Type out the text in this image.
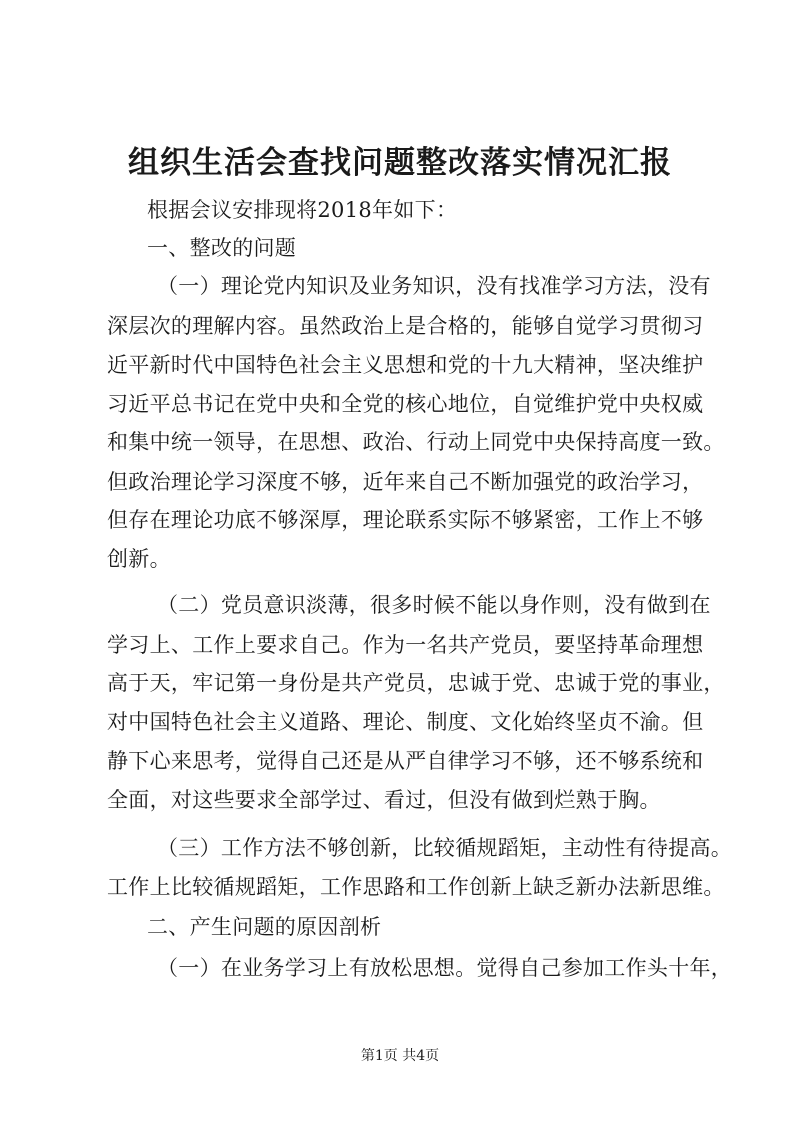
组织生活会查找问题整改落实情况汇报
根据会议安排现将2018年如下：
一、整改的问题
（一）理论党内知识及业务知识，没有找准学习方法，没有
深层次的理解内容。虽然政治上是合格的，能够自觉学习贯彻习
近平新时代中国特色社会主义思想和党的十九大精神，坚决维护
习近平总书记在党中央和全党的核心地位，自觉维护党中央权威
和集中统一领导，在思想、政治、行动上同党中央保持高度一致。
但政治理论学习深度不够，近年来自己不断加强党的政治学习，
但存在理论功底不够深厚，理论联系实际不够紧密，工作上不够
创新。
（二）党员意识淡薄，很多时候不能以身作则，没有做到在
学习上、工作上要求自己。作为一名共产党员，要坚持革命理想
高于天，牢记第一身份是共产党员，忠诚于党、忠诚于党的事业，
对中国特色社会主义道路、理论、制度、文化始终坚贞不渝。但
静下心来思考，觉得自己还是从严自律学习不够，还不够系统和
全面，对这些要求全部学过、看过，但没有做到烂熟于胸。
（三）工作方法不够创新，比较循规蹈矩，主动性有待提高。
工作上比较循规蹈矩，工作思路和工作创新上缺乏新办法新思维。
二、产生问题的原因剖析
（一）在业务学习上有放松思想。觉得自己参加工作头十年，
第1页 共4页
